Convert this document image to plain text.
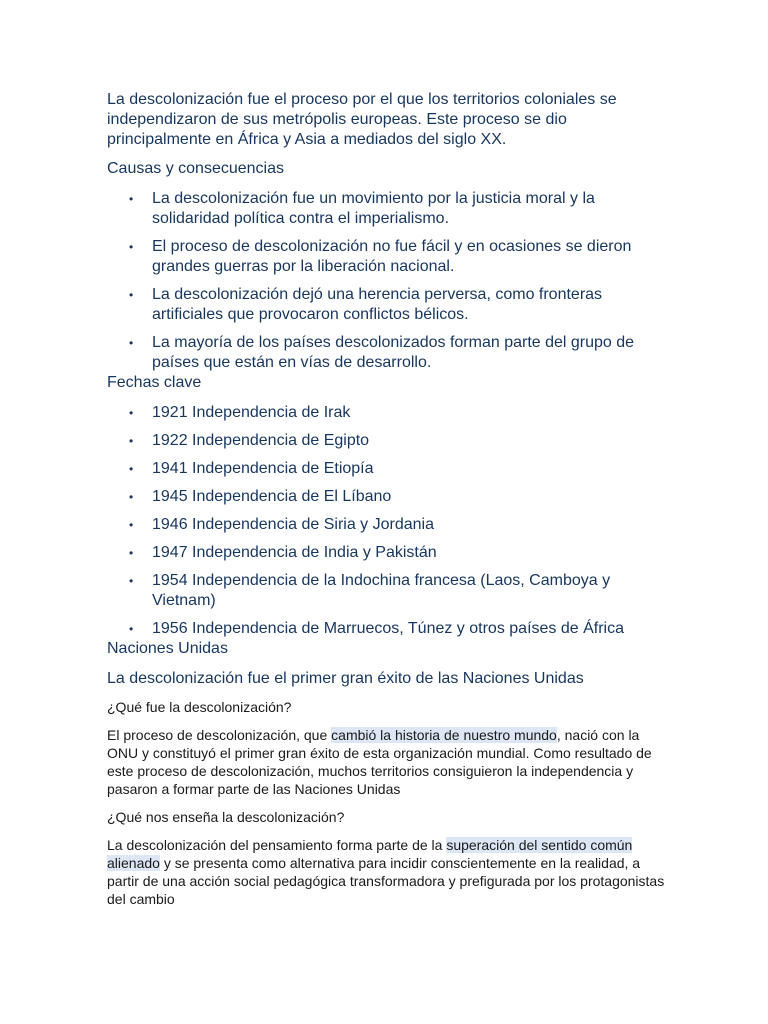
La descolonización fue el proceso por el que los territorios coloniales se independizaron de sus metrópolis europeas. Este proceso se dio principalmente en África y Asia a mediados del siglo XX.

Causas y consecuencias

• La descolonización fue un movimiento por la justicia moral y la solidaridad política contra el imperialismo.
• El proceso de descolonización no fue fácil y en ocasiones se dieron grandes guerras por la liberación nacional.
• La descolonización dejó una herencia perversa, como fronteras artificiales que provocaron conflictos bélicos.
• La mayoría de los países descolonizados forman parte del grupo de países que están en vías de desarrollo.

Fechas clave

• 1921 Independencia de Irak
• 1922 Independencia de Egipto
• 1941 Independencia de Etiopía
• 1945 Independencia de El Líbano
• 1946 Independencia de Siria y Jordania
• 1947 Independencia de India y Pakistán
• 1954 Independencia de la Indochina francesa (Laos, Camboya y Vietnam)

• 1956 Independencia de Marruecos, Túnez y otros países de África
Naciones Unidas

La descolonización fue el primer gran éxito de las Naciones Unidas

¿Qué fue la descolonización?

El proceso de descolonización, que cambió la historia de nuestro mundo, nació con la ONU y constituyó el primer gran éxito de esta organización mundial. Como resultado de este proceso de descolonización, muchos territorios consiguieron la independencia y pasaron a formar parte de las Naciones Unidas

¿Qué nos enseña la descolonización?

La descolonización del pensamiento forma parte de la superación del sentido común alienado y se presenta como alternativa para incidir conscientemente en la realidad, a partir de una acción social pedagógica transformadora y prefigurada por los protagonistas del cambio
